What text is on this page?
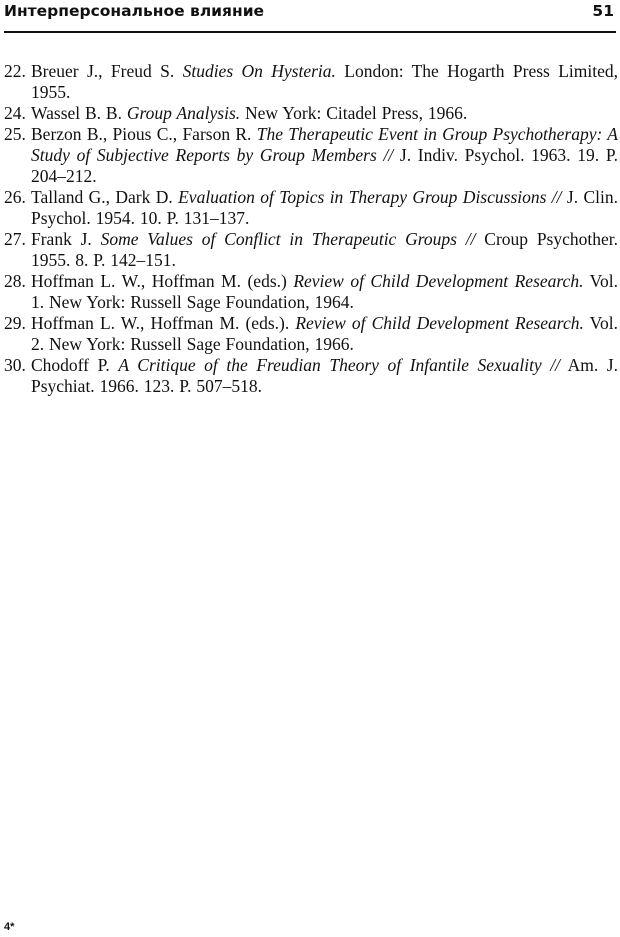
Интерперсональное влияние	51
22. Breuer J., Freud S. Studies On Hysteria. London: The Hogarth Press Limited, 1955.
24. Wassel B. B. Group Analysis. New York: Citadel Press, 1966.
25. Berzon B., Pious C., Farson R. The Therapeutic Event in Group Psychotherapy: A Study of Subjective Reports by Group Members // J. Indiv. Psychol. 1963. 19. P. 204–212.
26. Talland G., Dark D. Evaluation of Topics in Therapy Group Discussions // J. Clin. Psychol. 1954. 10. P. 131–137.
27. Frank J. Some Values of Conflict in Therapeutic Groups // Croup Psychother. 1955. 8. P. 142–151.
28. Hoffman L. W., Hoffman M. (eds.) Review of Child Development Research. Vol. 1. New York: Russell Sage Foundation, 1964.
29. Hoffman L. W., Hoffman M. (eds.). Review of Child Development Research. Vol. 2. New York: Russell Sage Foundation, 1966.
30. Chodoff P. A Critique of the Freudian Theory of Infantile Sexuality // Am. J. Psychiat. 1966. 123. P. 507–518.
4*
